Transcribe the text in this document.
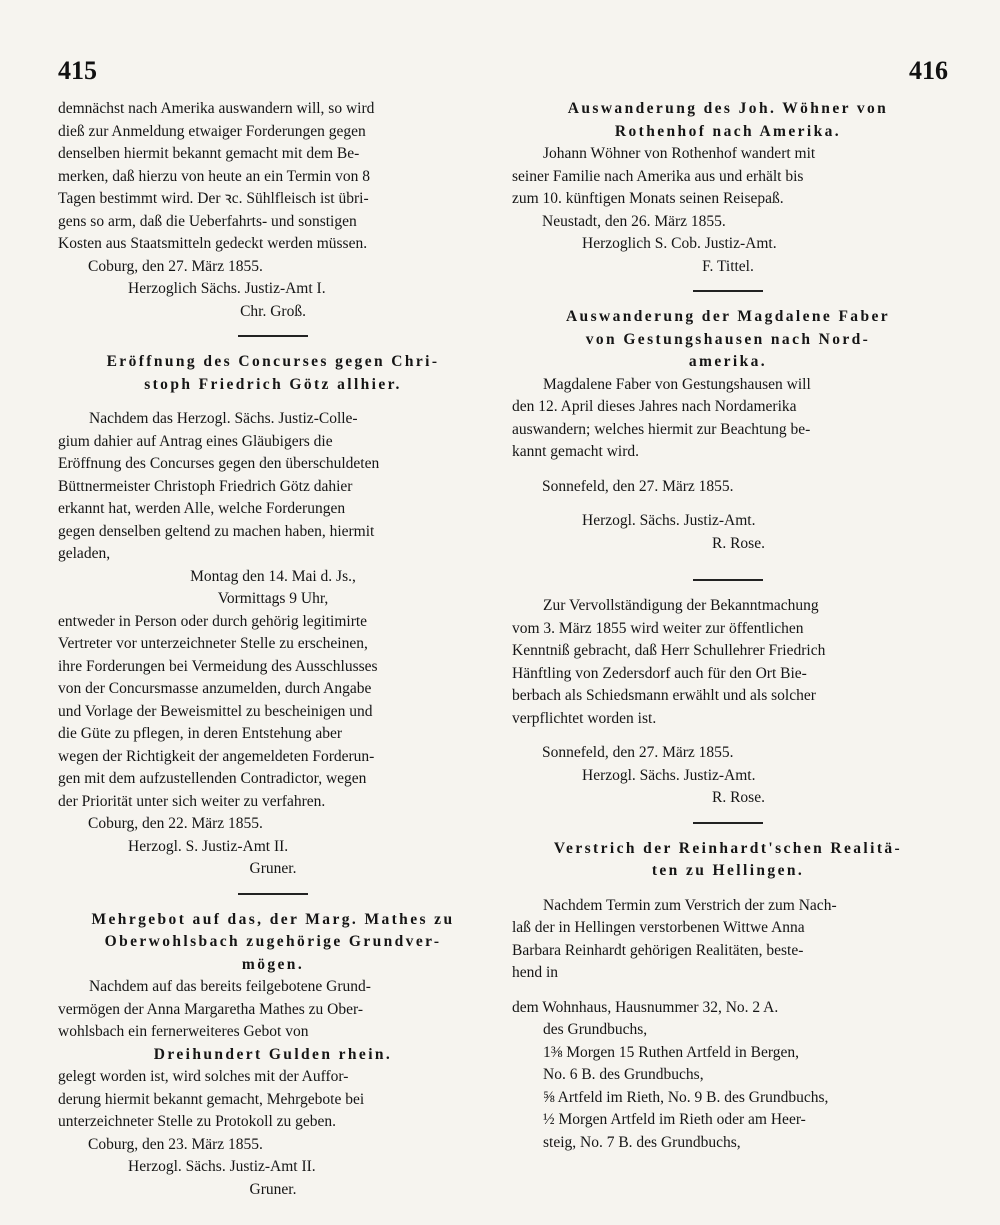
415	416

demnächst nach Amerika auswandern will, so wird

dieß zur Anmeldung etwaiger Forderungen gegen

denselben hiermit bekannt gemacht mit dem Be-

merken, daß hierzu von heute an ein Termin von 8

Tagen bestimmt wird. Der ꝛc. Sühlfleisch ist übri-

gens so arm, daß die Ueberfahrts- und sonstigen

Kosten aus Staatsmitteln gedeckt werden müssen.

Coburg, den 27. März 1855.

Herzoglich Sächs. Justiz-Amt I.

Chr. Groß.

Eröffnung des Concurses gegen Chri-

stoph Friedrich Götz allhier.

Nachdem das Herzogl. Sächs. Justiz-Colle-

gium dahier auf Antrag eines Gläubigers die

Eröffnung des Concurses gegen den überschuldeten

Büttnermeister Christoph Friedrich Götz dahier

erkannt hat, werden Alle, welche Forderungen

gegen denselben geltend zu machen haben, hiermit

geladen,

Montag den 14. Mai d. Js.,

Vormittags 9 Uhr,

entweder in Person oder durch gehörig legitimirte

Vertreter vor unterzeichneter Stelle zu erscheinen,

ihre Forderungen bei Vermeidung des Ausschlusses

von der Concursmasse anzumelden, durch Angabe

und Vorlage der Beweismittel zu bescheinigen und

die Güte zu pflegen, in deren Entstehung aber

wegen der Richtigkeit der angemeldeten Forderun-

gen mit dem aufzustellenden Contradictor, wegen

der Priorität unter sich weiter zu verfahren.

Coburg, den 22. März 1855.

Herzogl. S. Justiz-Amt II.

Gruner.

Mehrgebot auf das, der Marg. Mathes zu

Oberwohlsbach zugehörige Grundver-

mögen.

Nachdem auf das bereits feilgebotene Grund-

vermögen der Anna Margaretha Mathes zu Ober-

wohlsbach ein fernerweiteres Gebot von

Dreihundert Gulden rhein.

gelegt worden ist, wird solches mit der Auffor-

derung hiermit bekannt gemacht, Mehrgebote bei

unterzeichneter Stelle zu Protokoll zu geben.

Coburg, den 23. März 1855.

Herzogl. Sächs. Justiz-Amt II.

Gruner.

Auswanderung des Joh. Wöhner von

Rothenhof nach Amerika.

Johann Wöhner von Rothenhof wandert mit

seiner Familie nach Amerika aus und erhält bis

zum 10. künftigen Monats seinen Reisepaß.

Neustadt, den 26. März 1855.

Herzoglich S. Cob. Justiz-Amt.

F. Tittel.

Auswanderung der Magdalene Faber

von Gestungshausen nach Nord-

amerika.

Magdalene Faber von Gestungshausen will

den 12. April dieses Jahres nach Nordamerika

auswandern; welches hiermit zur Beachtung be-

kannt gemacht wird.

Sonnefeld, den 27. März 1855.

Herzogl. Sächs. Justiz-Amt.

R. Rose.

Zur Vervollständigung der Bekanntmachung

vom 3. März 1855 wird weiter zur öffentlichen

Kenntniß gebracht, daß Herr Schullehrer Friedrich

Hänftling von Zedersdorf auch für den Ort Bie-

berbach als Schiedsmann erwählt und als solcher

verpflichtet worden ist.

Sonnefeld, den 27. März 1855.

Herzogl. Sächs. Justiz-Amt.

R. Rose.

Verstrich der Reinhardt'schen Realitä-

ten zu Hellingen.

Nachdem Termin zum Verstrich der zum Nach-

laß der in Hellingen verstorbenen Wittwe Anna

Barbara Reinhardt gehörigen Realitäten, beste-

hend in

dem Wohnhaus, Hausnummer 32, No. 2 A.

des Grundbuchs,

1⅜ Morgen 15 Ruthen Artfeld in Bergen,

No. 6 B. des Grundbuchs,

⅝ Artfeld im Rieth, No. 9 B. des Grundbuchs,

½ Morgen Artfeld im Rieth oder am Heer-

steig, No. 7 B. des Grundbuchs,
